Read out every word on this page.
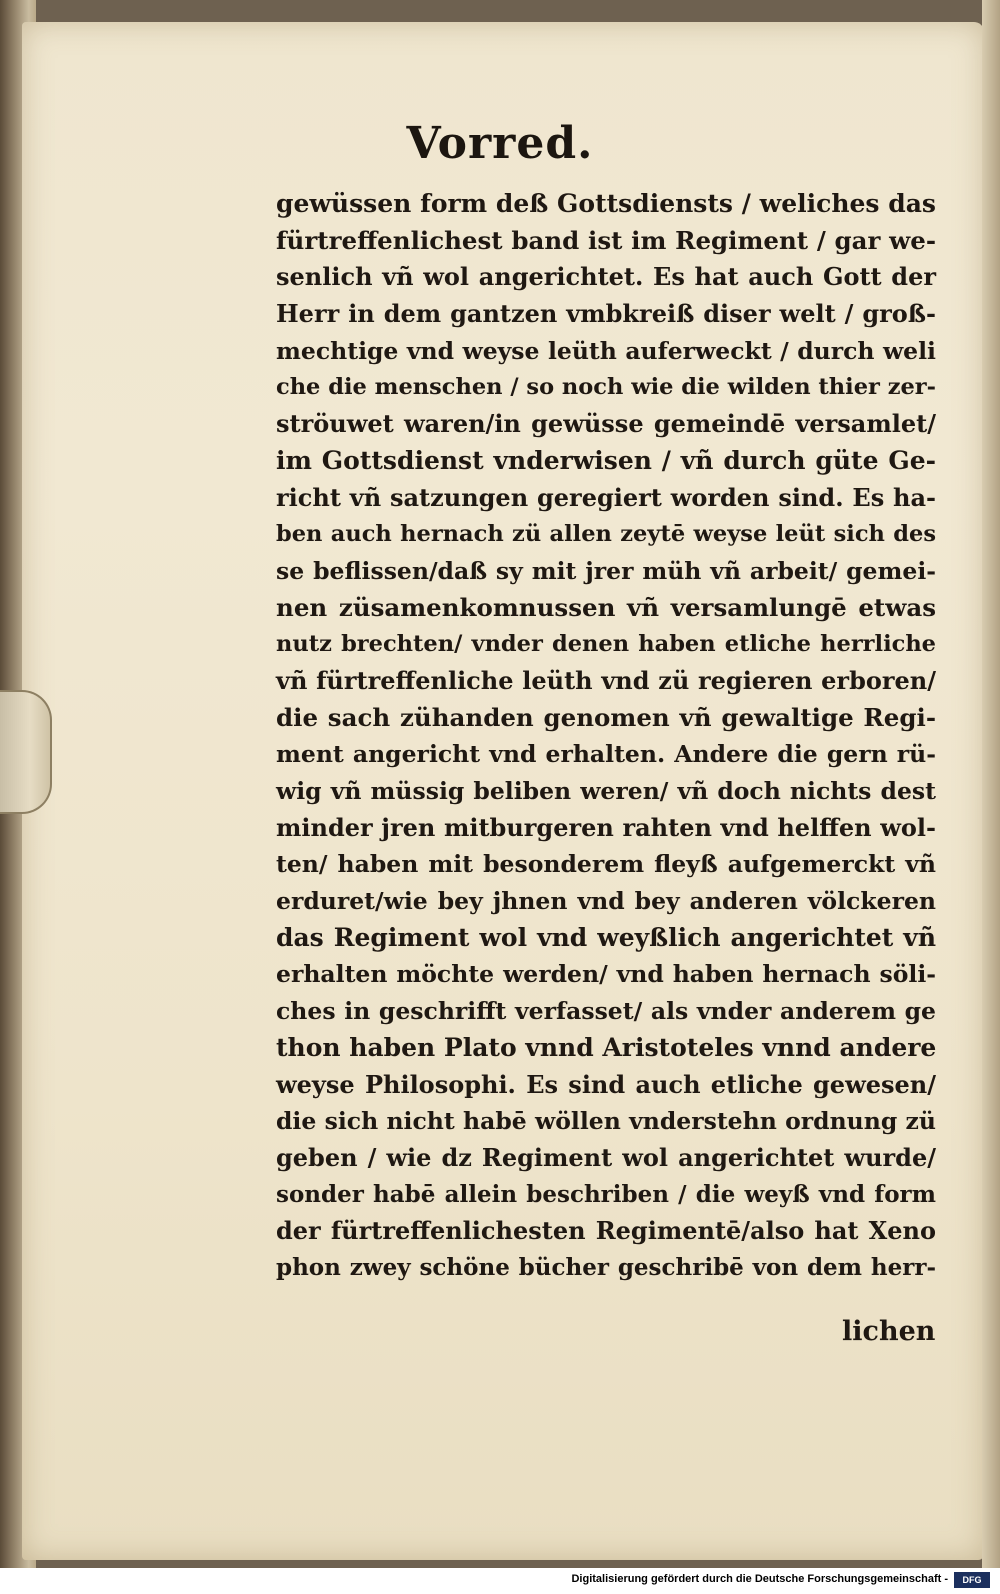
Vorred.
gewüssen form deß Gottsdiensts / weliches das
fürtreffenlichest band ist im Regiment / gar we-
senlich vñ wol angerichtet. Es hat auch Gott der
Herr in dem gantzen vmbkreiß diser welt / groß-
mechtige vnd weyse leüth auferweckt / durch weli
che die menschen / so noch wie die wilden thier zer-
ströuwet waren/in gewüsse gemeindē versamlet/
im Gottsdienst vnderwisen / vñ durch güte Ge-
richt vñ satzungen geregiert worden sind. Es ha-
ben auch hernach zü allen zeytē weyse leüt sich des
se beflissen/daß sy mit jrer müh vñ arbeit/ gemei-
nen züsamenkomnussen vñ versamlungē etwas
nutz brechten/ vnder denen haben etliche herrliche
vñ fürtreffenliche leüth vnd zü regieren erboren/
die sach zühanden genomen vñ gewaltige Regi-
ment angericht vnd erhalten. Andere die gern rü-
wig vñ müssig beliben weren/ vñ doch nichts dest
minder jren mitburgeren rahten vnd helffen wol-
ten/ haben mit besonderem fleyß aufgemerckt vñ
erduret/wie bey jhnen vnd bey anderen völckeren
das Regiment wol vnd weyßlich angerichtet vñ
erhalten möchte werden/ vnd haben hernach söli-
ches in geschrifft verfasset/ als vnder anderem ge
thon haben Plato vnnd Aristoteles vnnd andere
weyse Philosophi. Es sind auch etliche gewesen/
die sich nicht habē wöllen vnderstehn ordnung zü
geben / wie dz Regiment wol angerichtet wurde/
sonder habē allein beschriben / die weyß vnd form
der fürtreffenlichesten Regimentē/also hat Xeno
phon zwey schöne bücher geschribē von dem herr-
lichen
Digitalisierung gefördert durch die Deutsche Forschungsgemeinschaft -	DFG
